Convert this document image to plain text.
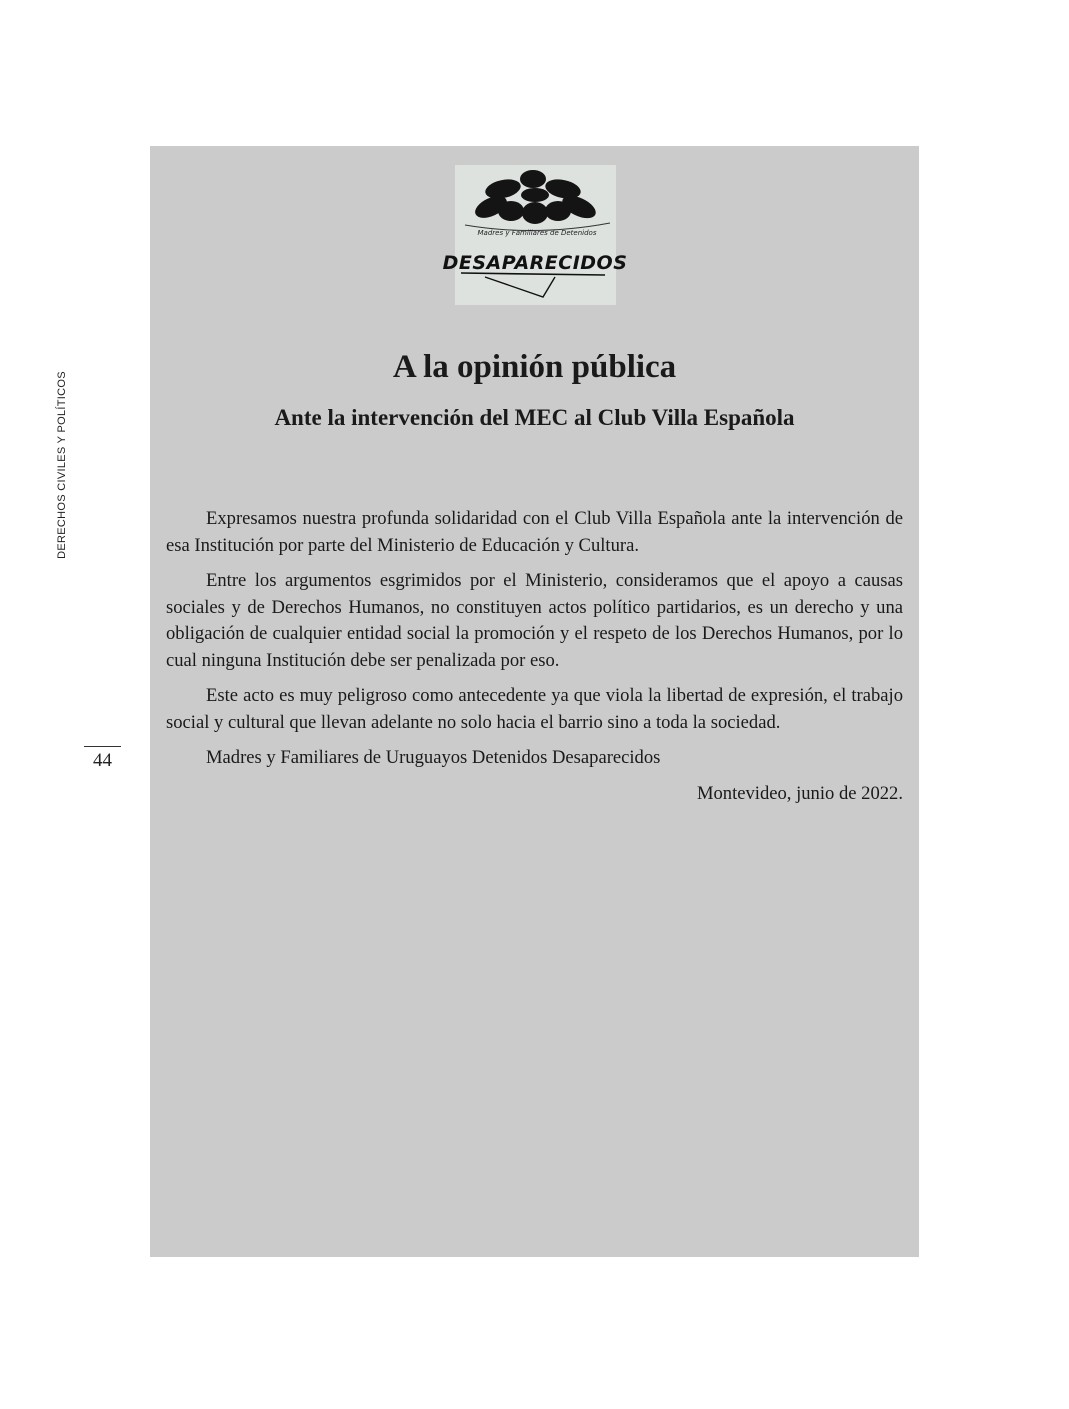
DERECHOS CIVILES Y POLÍTICOS
44
Madres y Familiares de Detenidos
DESAPARECIDOS
A la opinión pública
Ante la intervención del MEC al Club Villa Española

Expresamos nuestra profunda solidaridad con el Club Villa Española ante la intervención de esa Institución por parte del Ministerio de Educación y Cultura.

Entre los argumentos esgrimidos por el Ministerio, consideramos que el apoyo a causas sociales y de Derechos Humanos, no constituyen actos político partidarios, es un derecho y una obligación de cualquier entidad social la promoción y el respeto de los Derechos Humanos, por lo cual ninguna Institución debe ser penalizada por eso.

Este acto es muy peligroso como antecedente ya que viola la libertad de expresión, el trabajo social y cultural que llevan adelante no solo hacia el barrio sino a toda la sociedad.

Madres y Familiares de Uruguayos Detenidos Desaparecidos

Montevideo, junio de 2022.
